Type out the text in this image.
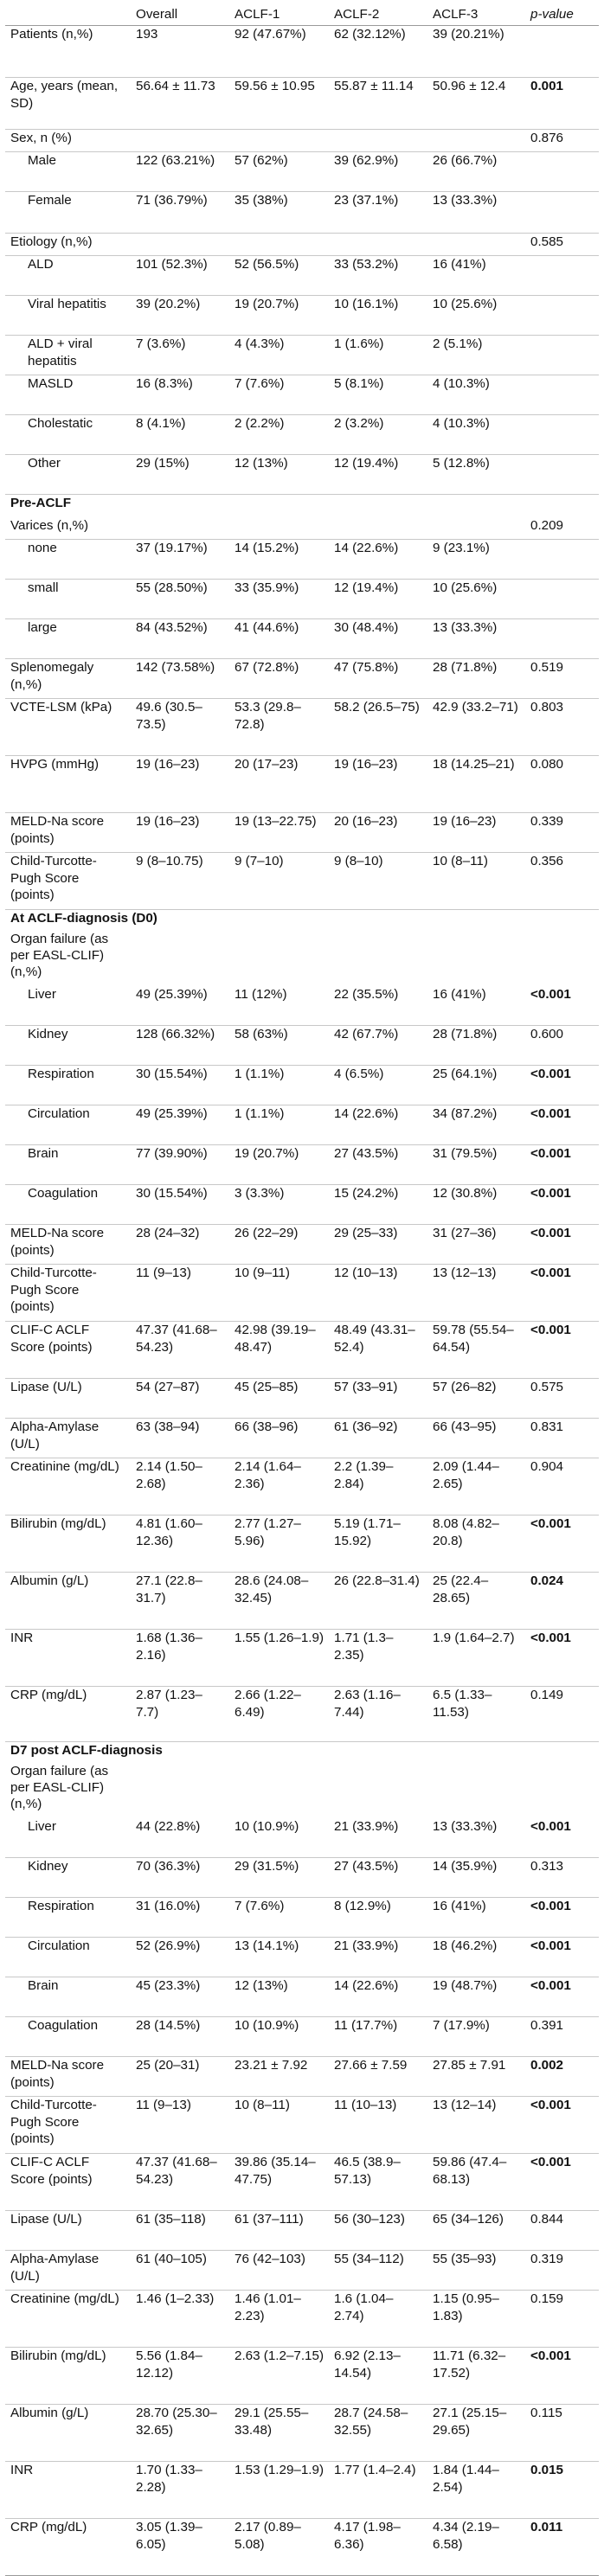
	Overall	ACLF-1	ACLF-2	ACLF-3	p-value
Patients (n,%)	193	92 (47.67%)	62 (32.12%)	39 (20.21%)	
Age, years (mean, SD)	56.64 ± 11.73	59.56 ± 10.95	55.87 ± 11.14	50.96 ± 12.4	0.001
Sex, n (%)					0.876
Male	122 (63.21%)	57 (62%)	39 (62.9%)	26 (66.7%)	
Female	71 (36.79%)	35 (38%)	23 (37.1%)	13 (33.3%)	
Etiology (n,%)					0.585
ALD	101 (52.3%)	52 (56.5%)	33 (53.2%)	16 (41%)	
Viral hepatitis	39 (20.2%)	19 (20.7%)	10 (16.1%)	10 (25.6%)	
ALD + viral hepatitis	7 (3.6%)	4 (4.3%)	1 (1.6%)	2 (5.1%)	
MASLD	16 (8.3%)	7 (7.6%)	5 (8.1%)	4 (10.3%)	
Cholestatic	8 (4.1%)	2 (2.2%)	2 (3.2%)	4 (10.3%)	
Other	29 (15%)	12 (13%)	12 (19.4%)	5 (12.8%)	
Pre-ACLF					
Varices (n,%)					0.209
none	37 (19.17%)	14 (15.2%)	14 (22.6%)	9 (23.1%)	
small	55 (28.50%)	33 (35.9%)	12 (19.4%)	10 (25.6%)	
large	84 (43.52%)	41 (44.6%)	30 (48.4%)	13 (33.3%)	
Splenomegaly (n,%)	142 (73.58%)	67 (72.8%)	47 (75.8%)	28 (71.8%)	0.519
VCTE-LSM (kPa)	49.6 (30.5–73.5)	53.3 (29.8–72.8)	58.2 (26.5–75)	42.9 (33.2–71)	0.803
HVPG (mmHg)	19 (16–23)	20 (17–23)	19 (16–23)	18 (14.25–21)	0.080
MELD-Na score (points)	19 (16–23)	19 (13–22.75)	20 (16–23)	19 (16–23)	0.339
Child-Turcotte-Pugh Score (points)	9 (8–10.75)	9 (7–10)	9 (8–10)	10 (8–11)	0.356
At ACLF-diagnosis (D0)					
Organ failure (as per EASL-CLIF) (n,%)					
Liver	49 (25.39%)	11 (12%)	22 (35.5%)	16 (41%)	<0.001
Kidney	128 (66.32%)	58 (63%)	42 (67.7%)	28 (71.8%)	0.600
Respiration	30 (15.54%)	1 (1.1%)	4 (6.5%)	25 (64.1%)	<0.001
Circulation	49 (25.39%)	1 (1.1%)	14 (22.6%)	34 (87.2%)	<0.001
Brain	77 (39.90%)	19 (20.7%)	27 (43.5%)	31 (79.5%)	<0.001
Coagulation	30 (15.54%)	3 (3.3%)	15 (24.2%)	12 (30.8%)	<0.001
MELD-Na score (points)	28 (24–32)	26 (22–29)	29 (25–33)	31 (27–36)	<0.001
Child-Turcotte-Pugh Score (points)	11 (9–13)	10 (9–11)	12 (10–13)	13 (12–13)	<0.001
CLIF-C ACLF Score (points)	47.37 (41.68–54.23)	42.98 (39.19–48.47)	48.49 (43.31–52.4)	59.78 (55.54–64.54)	<0.001
Lipase (U/L)	54 (27–87)	45 (25–85)	57 (33–91)	57 (26–82)	0.575
Alpha-Amylase (U/L)	63 (38–94)	66 (38–96)	61 (36–92)	66 (43–95)	0.831
Creatinine (mg/dL)	2.14 (1.50–2.68)	2.14 (1.64–2.36)	2.2 (1.39–2.84)	2.09 (1.44–2.65)	0.904
Bilirubin (mg/dL)	4.81 (1.60–12.36)	2.77 (1.27–5.96)	5.19 (1.71–15.92)	8.08 (4.82–20.8)	<0.001
Albumin (g/L)	27.1 (22.8–31.7)	28.6 (24.08–32.45)	26 (22.8–31.4)	25 (22.4–28.65)	0.024
INR	1.68 (1.36–2.16)	1.55 (1.26–1.9)	1.71 (1.3–2.35)	1.9 (1.64–2.7)	<0.001
CRP (mg/dL)	2.87 (1.23–7.7)	2.66 (1.22–6.49)	2.63 (1.16–7.44)	6.5 (1.33–11.53)	0.149
D7 post ACLF-diagnosis					
Organ failure (as per EASL-CLIF) (n,%)					
Liver	44 (22.8%)	10 (10.9%)	21 (33.9%)	13 (33.3%)	<0.001
Kidney	70 (36.3%)	29 (31.5%)	27 (43.5%)	14 (35.9%)	0.313
Respiration	31 (16.0%)	7 (7.6%)	8 (12.9%)	16 (41%)	<0.001
Circulation	52 (26.9%)	13 (14.1%)	21 (33.9%)	18 (46.2%)	<0.001
Brain	45 (23.3%)	12 (13%)	14 (22.6%)	19 (48.7%)	<0.001
Coagulation	28 (14.5%)	10 (10.9%)	11 (17.7%)	7 (17.9%)	0.391
MELD-Na score (points)	25 (20–31)	23.21 ± 7.92	27.66 ± 7.59	27.85 ± 7.91	0.002
Child-Turcotte-Pugh Score (points)	11 (9–13)	10 (8–11)	11 (10–13)	13 (12–14)	<0.001
CLIF-C ACLF Score (points)	47.37 (41.68–54.23)	39.86 (35.14–47.75)	46.5 (38.9–57.13)	59.86 (47.4–68.13)	<0.001
Lipase (U/L)	61 (35–118)	61 (37–111)	56 (30–123)	65 (34–126)	0.844
Alpha-Amylase (U/L)	61 (40–105)	76 (42–103)	55 (34–112)	55 (35–93)	0.319
Creatinine (mg/dL)	1.46 (1–2.33)	1.46 (1.01–2.23)	1.6 (1.04–2.74)	1.15 (0.95–1.83)	0.159
Bilirubin (mg/dL)	5.56 (1.84–12.12)	2.63 (1.2–7.15)	6.92 (2.13–14.54)	11.71 (6.32–17.52)	<0.001
Albumin (g/L)	28.70 (25.30–32.65)	29.1 (25.55–33.48)	28.7 (24.58–32.55)	27.1 (25.15–29.65)	0.115
INR	1.70 (1.33–2.28)	1.53 (1.29–1.9)	1.77 (1.4–2.4)	1.84 (1.44–2.54)	0.015
CRP (mg/dL)	3.05 (1.39–6.05)	2.17 (0.89–5.08)	4.17 (1.98–6.36)	4.34 (2.19–6.58)	0.011
